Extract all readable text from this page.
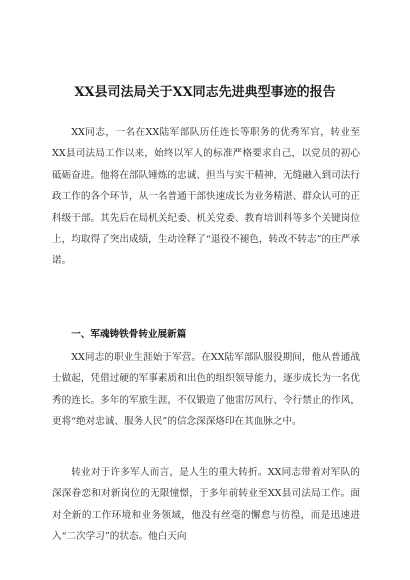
XX县司法局关于XX同志先进典型事迹的报告

XX同志，一名在XX陆军部队历任连长等职务的优秀军官，转业至XX县司法局工作以来，始终以军人的标准严格要求自己，以党员的初心砥砺奋进。他将在部队锤炼的忠诚、担当与实干精神，无缝融入到司法行政工作的各个环节，从一名普通干部快速成长为业务精湛、群众认可的正科级干部。其先后在局机关纪委、机关党委、教育培训科等多个关键岗位上，均取得了突出成绩，生动诠释了“退役不褪色，转改不转志”的庄严承诺。

一、军魂铸铁骨转业展新篇

XX同志的职业生涯始于军营。在XX陆军部队服役期间，他从普通战士做起，凭借过硬的军事素质和出色的组织领导能力，逐步成长为一名优秀的连长。多年的军旅生涯，不仅锻造了他雷厉风行、令行禁止的作风，更将“绝对忠诚、服务人民”的信念深深烙印在其血脉之中。

转业对于许多军人而言，是人生的重大转折。XX同志带着对军队的深深眷恋和对新岗位的无限憧憬，于多年前转业至XX县司法局工作。面对全新的工作环境和业务领域，他没有丝毫的懈怠与彷徨，而是迅速进入“二次学习”的状态。他白天向
